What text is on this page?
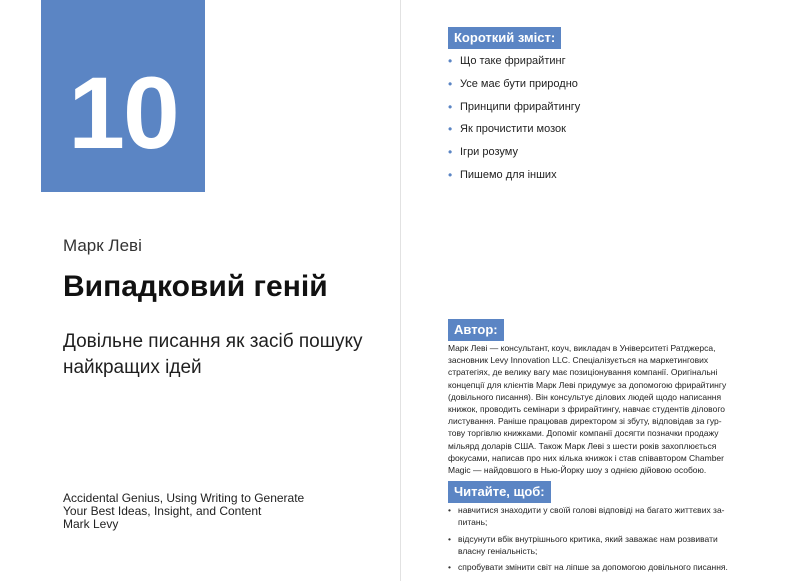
10
Марк Леві
Випадковий геній
Довільне писання як засіб пошуку найкращих ідей
Accidental Genius, Using Writing to Generate
Your Best Ideas, Insight, and Content
Mark Levy
Короткий зміст:
• Що таке фрирайтинг
• Усе має бути природно
• Принципи фрирайтингу
• Як прочистити мозок
• Ігри розуму
• Пишемо для інших
Автор:

Марк Леві — консультант, коуч, викладач в Університеті Ратджерса,
засновник Levy Innovation LLC. Спеціалізується на маркетингових
стратегіях, де велику вагу має позиціонування компанії. Оригінальні
концепції для клієнтів Марк Леві придумує за допомогою фрирайтингу
(довільного писання). Він консультує ділових людей щодо написання
книжок, проводить семінари з фрирайтингу, навчає студентів ділового
листування. Раніше працював директором зі збуту, відповідав за гур-
тову торгівлю книжками. Допоміг компанії досягти позначки продажу
мільярд доларів США. Також Марк Леві з шести років захоплюється
фокусами, написав про них кілька книжок і став співавтором Chamber
Magic — найдовшого в Нью-Йорку шоу з однією дійовою особою.

Читайте, щоб:
• навчитися знаходити у своїй голові відповіді на багато життєвих за-
питань;
• відсунути вбік внутрішнього критика, який заважає нам розвивати
власну геніальність;
• спробувати змінити світ на ліпше за допомогою довільного писання.
